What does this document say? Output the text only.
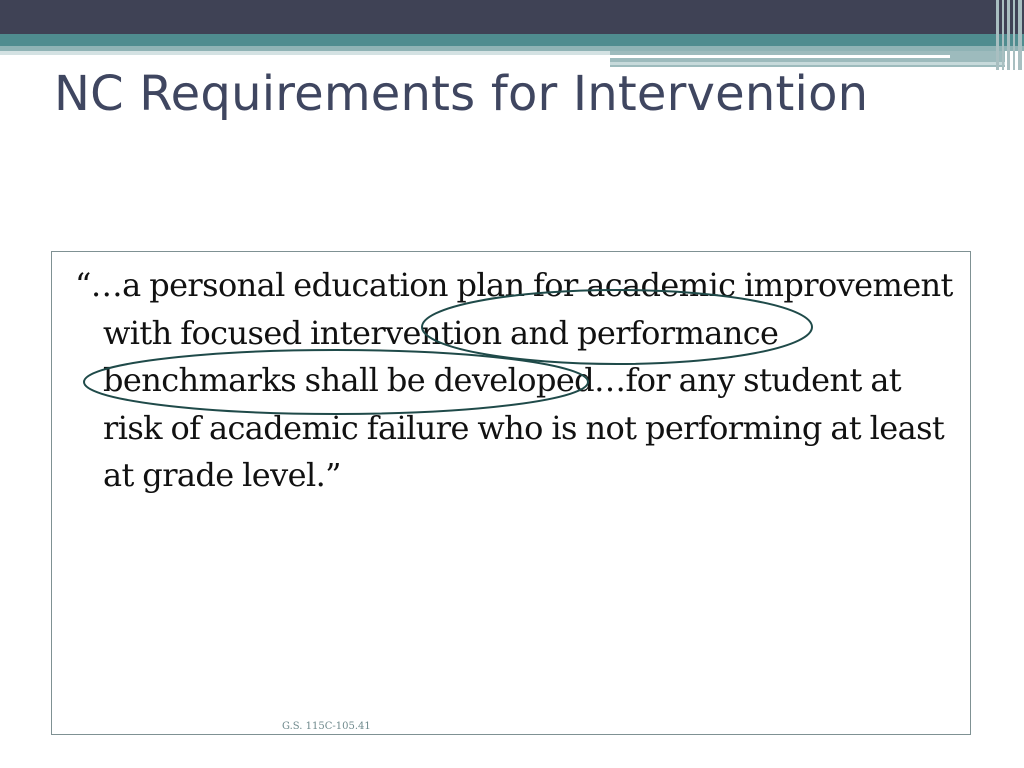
NC Requirements for Intervention

“…a personal education plan for academic improvement with focused intervention and performance benchmarks shall be developed…for any student at risk of academic failure who is not performing at least at grade level.”

G.S. 115C-105.41
